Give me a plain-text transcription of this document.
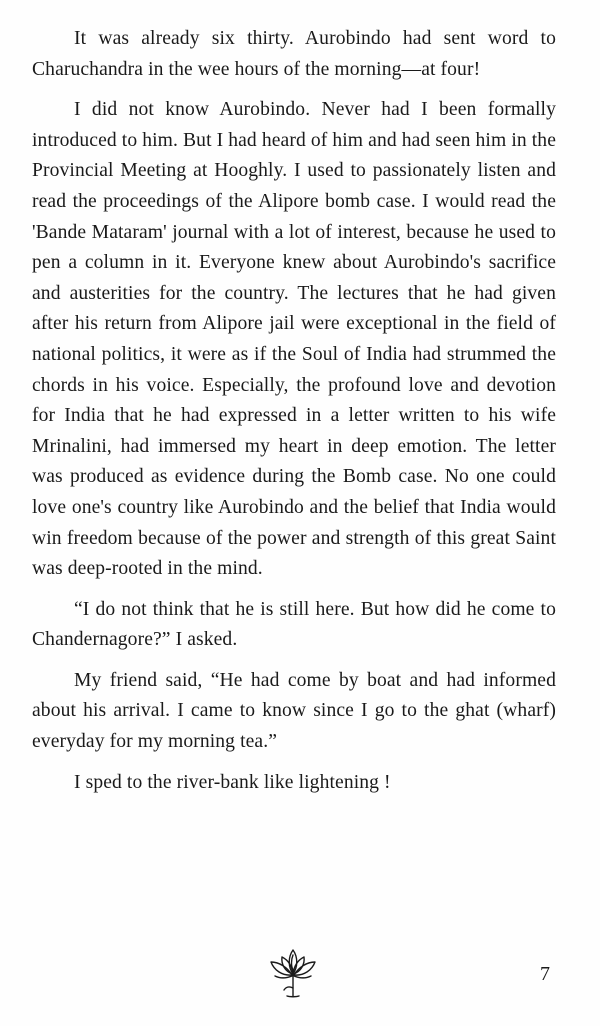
It was already six thirty. Aurobindo had sent word to Charuchandra in the wee hours of the morning—at four!

I did not know Aurobindo. Never had I been formally introduced to him. But I had heard of him and had seen him in the Provincial Meeting at Hooghly. I used to passionately listen and read the proceedings of the Alipore bomb case. I would read the 'Bande Mataram' journal with a lot of interest, because he used to pen a column in it. Everyone knew about Aurobindo's sacrifice and austerities for the country. The lectures that he had given after his return from Alipore jail were exceptional in the field of national politics, it were as if the Soul of India had strummed the chords in his voice. Especially, the profound love and devotion for India that he had expressed in a letter written to his wife Mrinalini, had immersed my heart in deep emotion. The letter was produced as evidence during the Bomb case. No one could love one's country like Aurobindo and the belief that India would win freedom because of the power and strength of this great Saint was deep-rooted in the mind.

“I do not think that he is still here. But how did he come to Chandernagore?” I asked.

My friend said, “He had come by boat and had informed about his arrival. I came to know since I go to the ghat (wharf) everyday for my morning tea.”

I sped to the river-bank like lightening !

7
